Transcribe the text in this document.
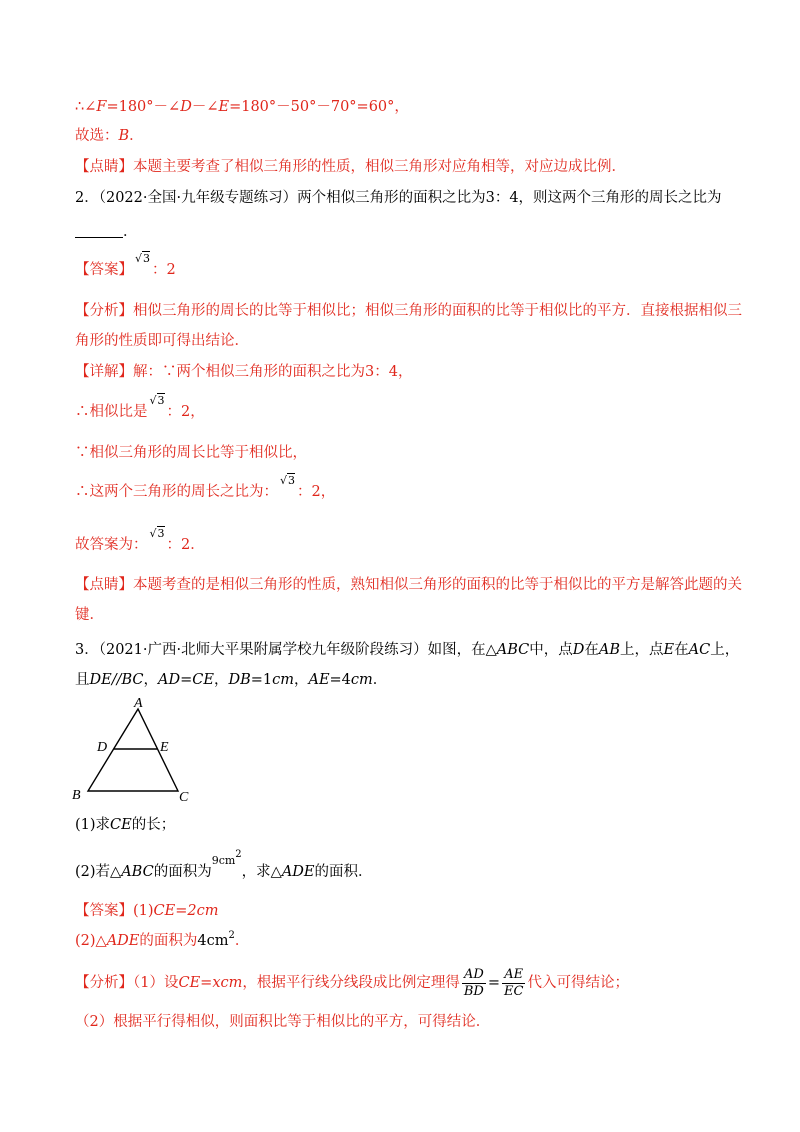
∴∠F=180°－∠D－∠E=180°－50°－70°=60°，
故选：B．
【点睛】本题主要考查了相似三角形的性质，相似三角形对应角相等，对应边成比例．
2．（2022·全国·九年级专题练习）两个相似三角形的面积之比为3：4，则这两个三角形的周长之比为
．
【答案】√3：2
【分析】相似三角形的周长的比等于相似比；相似三角形的面积的比等于相似比的平方．直接根据相似三
角形的性质即可得出结论．
【详解】解：∵两个相似三角形的面积之比为3：4，
∴相似比是√3：2，
∵相似三角形的周长比等于相似比，
∴这两个三角形的周长之比为：√3：2，
故答案为：√3：2．
【点睛】本题考查的是相似三角形的性质，熟知相似三角形的面积的比等于相似比的平方是解答此题的关
键．
3．（2021·广西·北师大平果附属学校九年级阶段练习）如图，在△ABC中，点D在AB上，点E在AC上，
且DE//BC，AD=CE，DB=1cm，AE=4cm．
A
D	E
B	C
(1)求CE的长；
(2)若△ABC的面积为$^{9cm2}$，求△ADE的面积．
【答案】(1)CE=2cm
(2)△ADE的面积为$4cm^2$．
【分析】（1）设CE=xcm，根据平行线分线段成比例定理得 $\frac{AD}{BD} = \frac{AE}{EC}$ 代入可得结论；
（2）根据平行得相似，则面积比等于相似比的平方，可得结论．
